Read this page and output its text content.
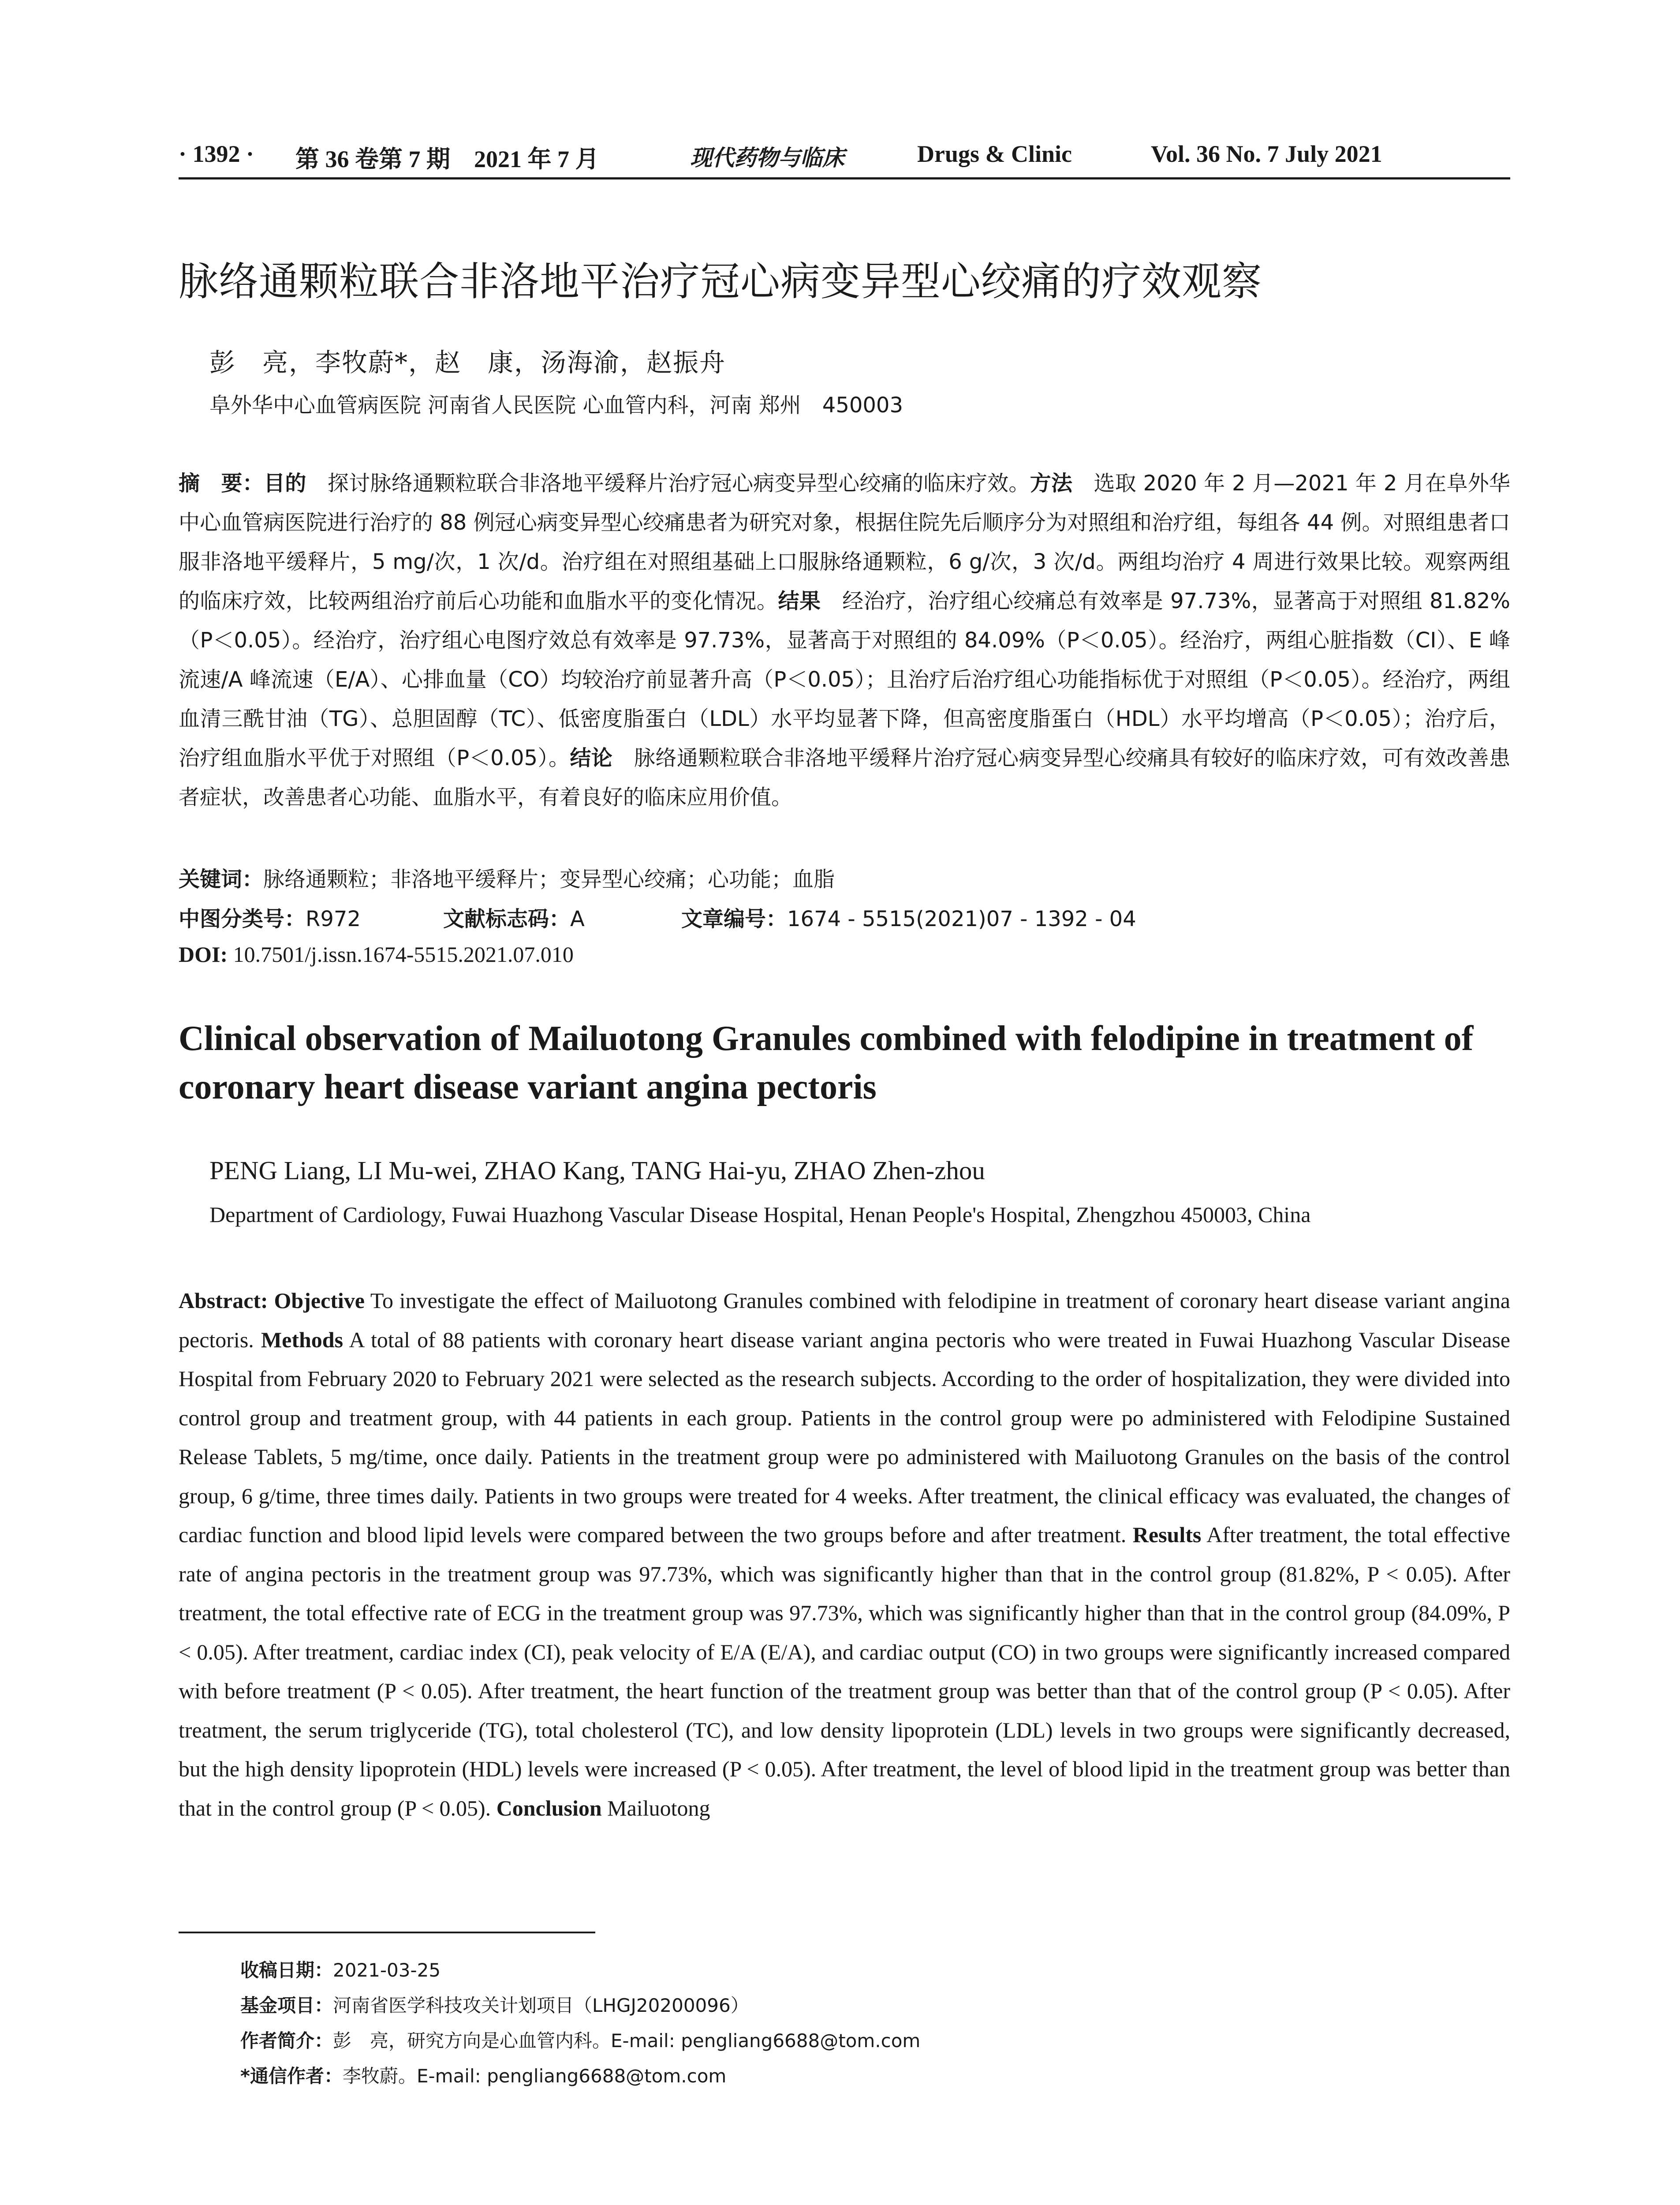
· 1392 · 第 36 卷第 7 期　2021 年 7 月	现代药物与临床	Drugs & Clinic	Vol. 36 No. 7 July 2021
脉络通颗粒联合非洛地平治疗冠心病变异型心绞痛的疗效观察
彭　亮，李牧蔚*，赵　康，汤海渝，赵振舟
阜外华中心血管病医院 河南省人民医院 心血管内科，河南 郑州　450003
摘　要：目的　探讨脉络通颗粒联合非洛地平缓释片治疗冠心病变异型心绞痛的临床疗效。方法　选取 2020 年 2 月—2021 年 2 月在阜外华中心血管病医院进行治疗的 88 例冠心病变异型心绞痛患者为研究对象，根据住院先后顺序分为对照组和治疗组，每组各 44 例。对照组患者口服非洛地平缓释片，5 mg/次，1 次/d。治疗组在对照组基础上口服脉络通颗粒，6 g/次，3 次/d。两组均治疗 4 周进行效果比较。观察两组的临床疗效，比较两组治疗前后心功能和血脂水平的变化情况。结果　经治疗，治疗组心绞痛总有效率是 97.73%，显著高于对照组 81.82%（P＜0.05）。经治疗，治疗组心电图疗效总有效率是 97.73%，显著高于对照组的 84.09%（P＜0.05）。经治疗，两组心脏指数（CI）、E 峰流速/A 峰流速（E/A）、心排血量（CO）均较治疗前显著升高（P＜0.05）；且治疗后治疗组心功能指标优于对照组（P＜0.05）。经治疗，两组血清三酰甘油（TG）、总胆固醇（TC）、低密度脂蛋白（LDL）水平均显著下降，但高密度脂蛋白（HDL）水平均增高（P＜0.05）；治疗后，治疗组血脂水平优于对照组（P＜0.05）。结论　脉络通颗粒联合非洛地平缓释片治疗冠心病变异型心绞痛具有较好的临床疗效，可有效改善患者症状，改善患者心功能、血脂水平，有着良好的临床应用价值。
关键词：脉络通颗粒；非洛地平缓释片；变异型心绞痛；心功能；血脂
中图分类号：R972	文献标志码：A	文章编号：1674 - 5515(2021)07 - 1392 - 04
DOI: 10.7501/j.issn.1674-5515.2021.07.010
Clinical observation of Mailuotong Granules combined with felodipine in treatment of coronary heart disease variant angina pectoris
PENG Liang, LI Mu-wei, ZHAO Kang, TANG Hai-yu, ZHAO Zhen-zhou
Department of Cardiology, Fuwai Huazhong Vascular Disease Hospital, Henan People's Hospital, Zhengzhou 450003, China
Abstract: Objective To investigate the effect of Mailuotong Granules combined with felodipine in treatment of coronary heart disease variant angina pectoris. Methods A total of 88 patients with coronary heart disease variant angina pectoris who were treated in Fuwai Huazhong Vascular Disease Hospital from February 2020 to February 2021 were selected as the research subjects. According to the order of hospitalization, they were divided into control group and treatment group, with 44 patients in each group. Patients in the control group were po administered with Felodipine Sustained Release Tablets, 5 mg/time, once daily. Patients in the treatment group were po administered with Mailuotong Granules on the basis of the control group, 6 g/time, three times daily. Patients in two groups were treated for 4 weeks. After treatment, the clinical efficacy was evaluated, the changes of cardiac function and blood lipid levels were compared between the two groups before and after treatment. Results After treatment, the total effective rate of angina pectoris in the treatment group was 97.73%, which was significantly higher than that in the control group (81.82%, P < 0.05). After treatment, the total effective rate of ECG in the treatment group was 97.73%, which was significantly higher than that in the control group (84.09%, P < 0.05). After treatment, cardiac index (CI), peak velocity of E/A (E/A), and cardiac output (CO) in two groups were significantly increased compared with before treatment (P < 0.05). After treatment, the heart function of the treatment group was better than that of the control group (P < 0.05). After treatment, the serum triglyceride (TG), total cholesterol (TC), and low density lipoprotein (LDL) levels in two groups were significantly decreased, but the high density lipoprotein (HDL) levels were increased (P < 0.05). After treatment, the level of blood lipid in the treatment group was better than that in the control group (P < 0.05). Conclusion Mailuotong
收稿日期：2021-03-25
基金项目：河南省医学科技攻关计划项目（LHGJ20200096）
作者简介：彭　亮，研究方向是心血管内科。E-mail: pengliang6688@tom.com
*通信作者：李牧蔚。E-mail: pengliang6688@tom.com
